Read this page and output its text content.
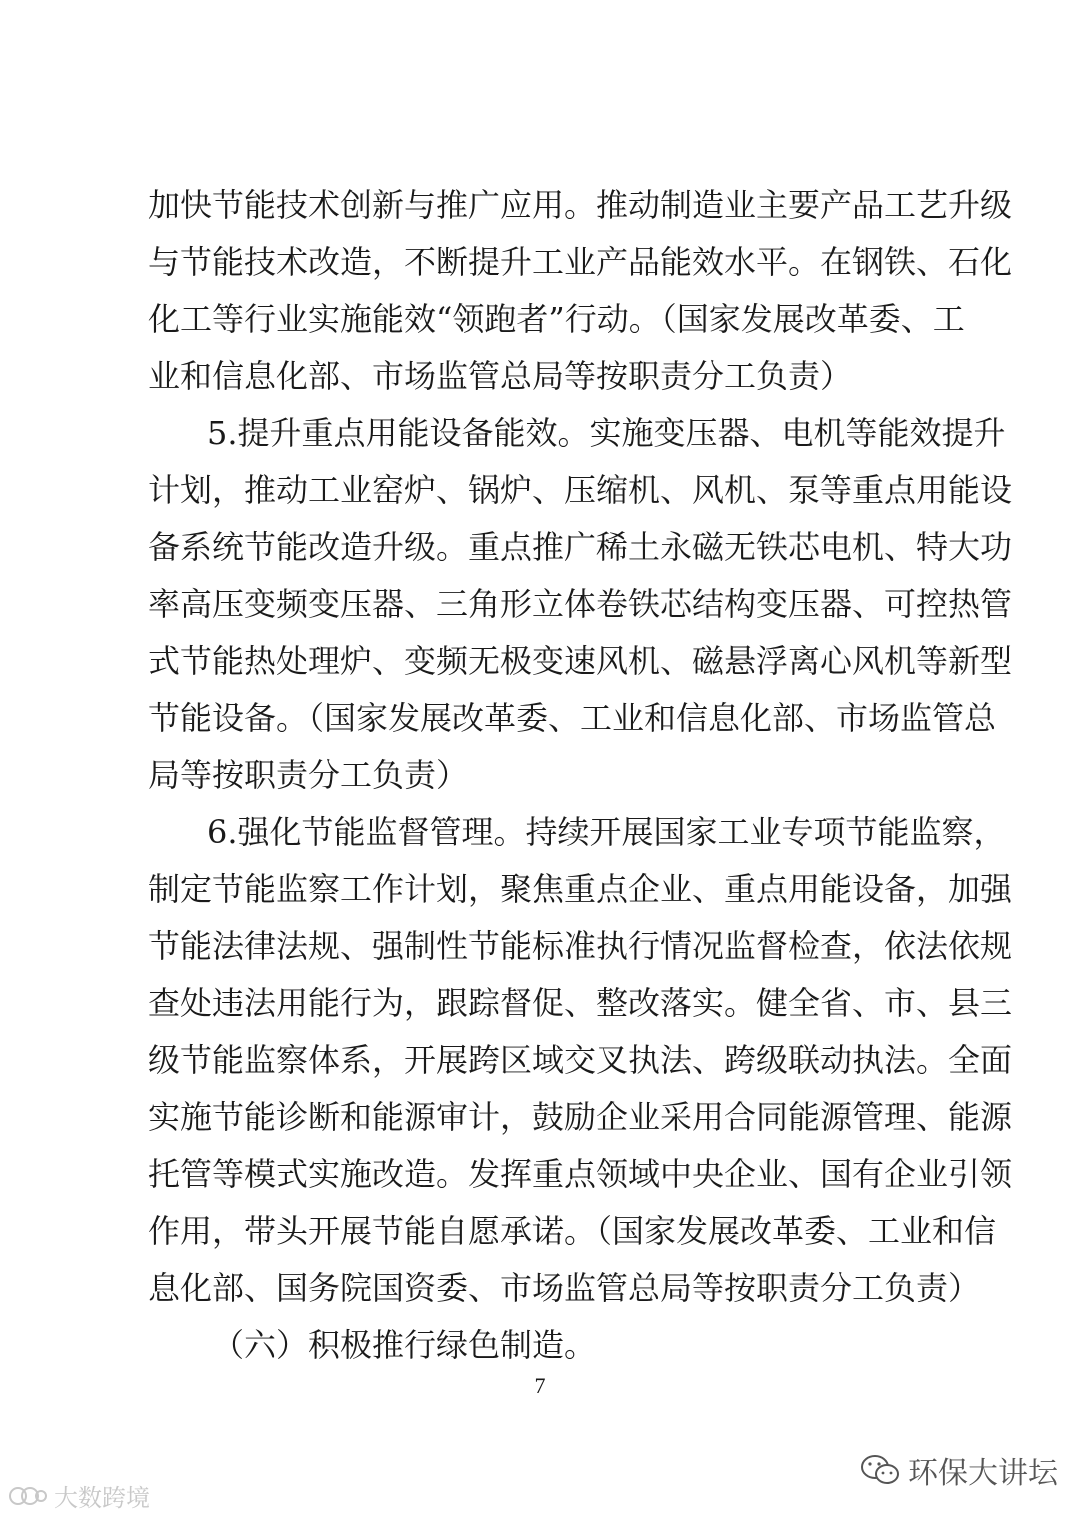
加快节能技术创新与推广应用。推动制造业主要产品工艺升级
与节能技术改造，不断提升工业产品能效水平。在钢铁、石化
化工等行业实施能效“领跑者”行动。（国家发展改革委、工
业和信息化部、市场监管总局等按职责分工负责）
5.提升重点用能设备能效。实施变压器、电机等能效提升
计划，推动工业窑炉、锅炉、压缩机、风机、泵等重点用能设
备系统节能改造升级。重点推广稀土永磁无铁芯电机、特大功
率高压变频变压器、三角形立体卷铁芯结构变压器、可控热管
式节能热处理炉、变频无极变速风机、磁悬浮离心风机等新型
节能设备。（国家发展改革委、工业和信息化部、市场监管总
局等按职责分工负责）
6.强化节能监督管理。持续开展国家工业专项节能监察，
制定节能监察工作计划，聚焦重点企业、重点用能设备，加强
节能法律法规、强制性节能标准执行情况监督检查，依法依规
查处违法用能行为，跟踪督促、整改落实。健全省、市、县三
级节能监察体系，开展跨区域交叉执法、跨级联动执法。全面
实施节能诊断和能源审计，鼓励企业采用合同能源管理、能源
托管等模式实施改造。发挥重点领域中央企业、国有企业引领
作用，带头开展节能自愿承诺。（国家发展改革委、工业和信
息化部、国务院国资委、市场监管总局等按职责分工负责）
（六）积极推行绿色制造。
7
大数跨境
环保大讲坛
